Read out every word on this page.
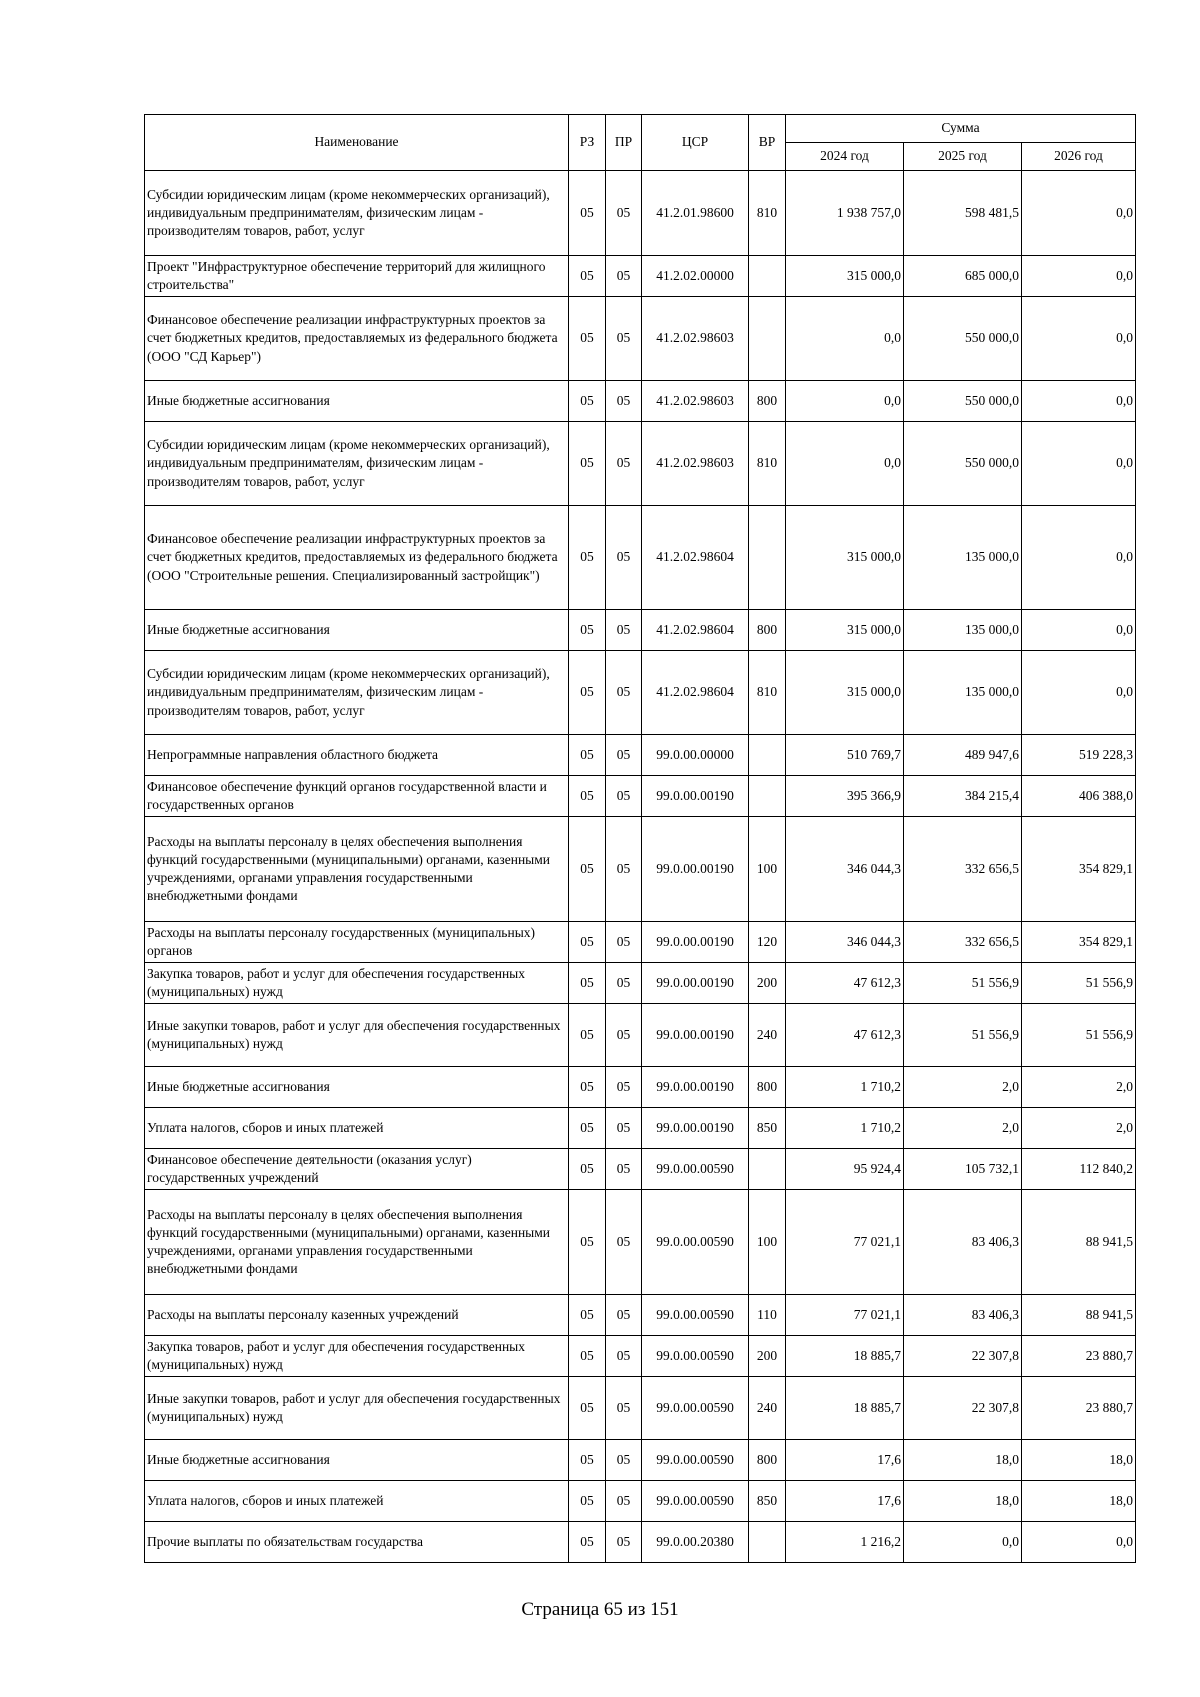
Наименование	РЗ	ПР	ЦСР	ВР	Сумма		
					2024 год	2025 год	2026 год
Субсидии юридическим лицам (кроме некоммерческих организаций), индивидуальным предпринимателям, физическим лицам - производителям товаров, работ, услуг	05	05	41.2.01.98600	810	1 938 757,0	598 481,5	0,0
Проект "Инфраструктурное обеспечение территорий для жилищного строительства"	05	05	41.2.02.00000		315 000,0	685 000,0	0,0
Финансовое обеспечение реализации инфраструктурных проектов за счет бюджетных кредитов, предоставляемых из федерального бюджета (ООО "СД Карьер")	05	05	41.2.02.98603		0,0	550 000,0	0,0
Иные бюджетные ассигнования	05	05	41.2.02.98603	800	0,0	550 000,0	0,0
Субсидии юридическим лицам (кроме некоммерческих организаций), индивидуальным предпринимателям, физическим лицам - производителям товаров, работ, услуг	05	05	41.2.02.98603	810	0,0	550 000,0	0,0
Финансовое обеспечение реализации инфраструктурных проектов за счет бюджетных кредитов, предоставляемых из федерального бюджета (ООО "Строительные решения. Специализированный застройщик")	05	05	41.2.02.98604		315 000,0	135 000,0	0,0
Иные бюджетные ассигнования	05	05	41.2.02.98604	800	315 000,0	135 000,0	0,0
Субсидии юридическим лицам (кроме некоммерческих организаций), индивидуальным предпринимателям, физическим лицам - производителям товаров, работ, услуг	05	05	41.2.02.98604	810	315 000,0	135 000,0	0,0
Непрограммные направления областного бюджета	05	05	99.0.00.00000		510 769,7	489 947,6	519 228,3
Финансовое обеспечение функций органов государственной власти и государственных органов	05	05	99.0.00.00190		395 366,9	384 215,4	406 388,0
Расходы на выплаты персоналу в целях обеспечения выполнения функций государственными (муниципальными) органами, казенными учреждениями, органами управления государственными внебюджетными фондами	05	05	99.0.00.00190	100	346 044,3	332 656,5	354 829,1
Расходы на выплаты персоналу государственных (муниципальных) органов	05	05	99.0.00.00190	120	346 044,3	332 656,5	354 829,1
Закупка товаров, работ и услуг для обеспечения государственных (муниципальных) нужд	05	05	99.0.00.00190	200	47 612,3	51 556,9	51 556,9
Иные закупки товаров, работ и услуг для обеспечения государственных (муниципальных) нужд	05	05	99.0.00.00190	240	47 612,3	51 556,9	51 556,9
Иные бюджетные ассигнования	05	05	99.0.00.00190	800	1 710,2	2,0	2,0
Уплата налогов, сборов и иных платежей	05	05	99.0.00.00190	850	1 710,2	2,0	2,0
Финансовое обеспечение деятельности (оказания услуг) государственных учреждений	05	05	99.0.00.00590		95 924,4	105 732,1	112 840,2
Расходы на выплаты персоналу в целях обеспечения выполнения функций государственными (муниципальными) органами, казенными учреждениями, органами управления государственными внебюджетными фондами	05	05	99.0.00.00590	100	77 021,1	83 406,3	88 941,5
Расходы на выплаты персоналу казенных учреждений	05	05	99.0.00.00590	110	77 021,1	83 406,3	88 941,5
Закупка товаров, работ и услуг для обеспечения государственных (муниципальных) нужд	05	05	99.0.00.00590	200	18 885,7	22 307,8	23 880,7
Иные закупки товаров, работ и услуг для обеспечения государственных (муниципальных) нужд	05	05	99.0.00.00590	240	18 885,7	22 307,8	23 880,7
Иные бюджетные ассигнования	05	05	99.0.00.00590	800	17,6	18,0	18,0
Уплата налогов, сборов и иных платежей	05	05	99.0.00.00590	850	17,6	18,0	18,0
Прочие выплаты по обязательствам государства	05	05	99.0.00.20380		1 216,2	0,0	0,0
Страница 65 из 151
